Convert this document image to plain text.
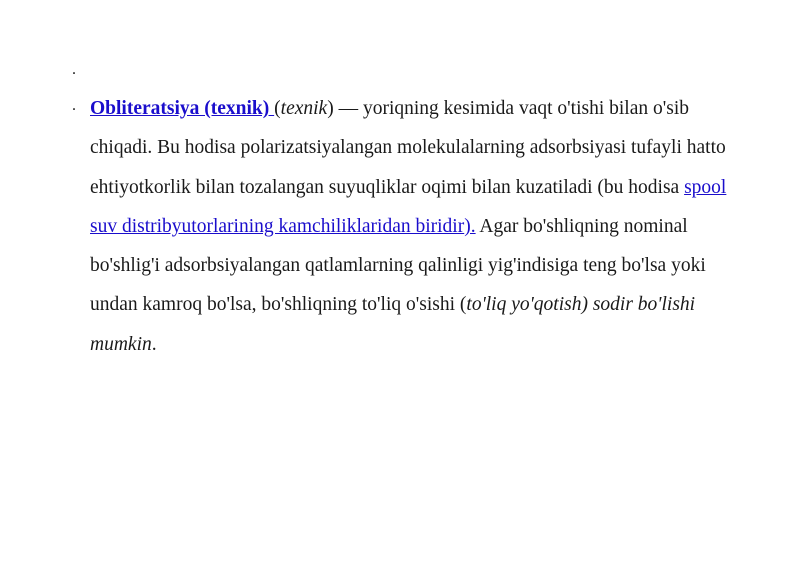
.
. Obliteratsiya (texnik) (texnik) — yoriqning kesimida vaqt o'tishi bilan o'sib chiqadi. Bu hodisa polarizatsiyalangan molekulalarning adsorbsiyasi tufayli hatto ehtiyotkorlik bilan tozalangan suyuqliklar oqimi bilan kuzatiladi (bu hodisa spool suv distribyutorlarining kamchiliklaridan biridir). Agar bo'shliqning nominal bo'shlig'i adsorbsiyalangan qatlamlarning qalinligi yig'indisiga teng bo'lsa yoki undan kamroq bo'lsa, bo'shliqning to'liq o'sishi (to'liq yo'qotish) sodir bo'lishi mumkin.
